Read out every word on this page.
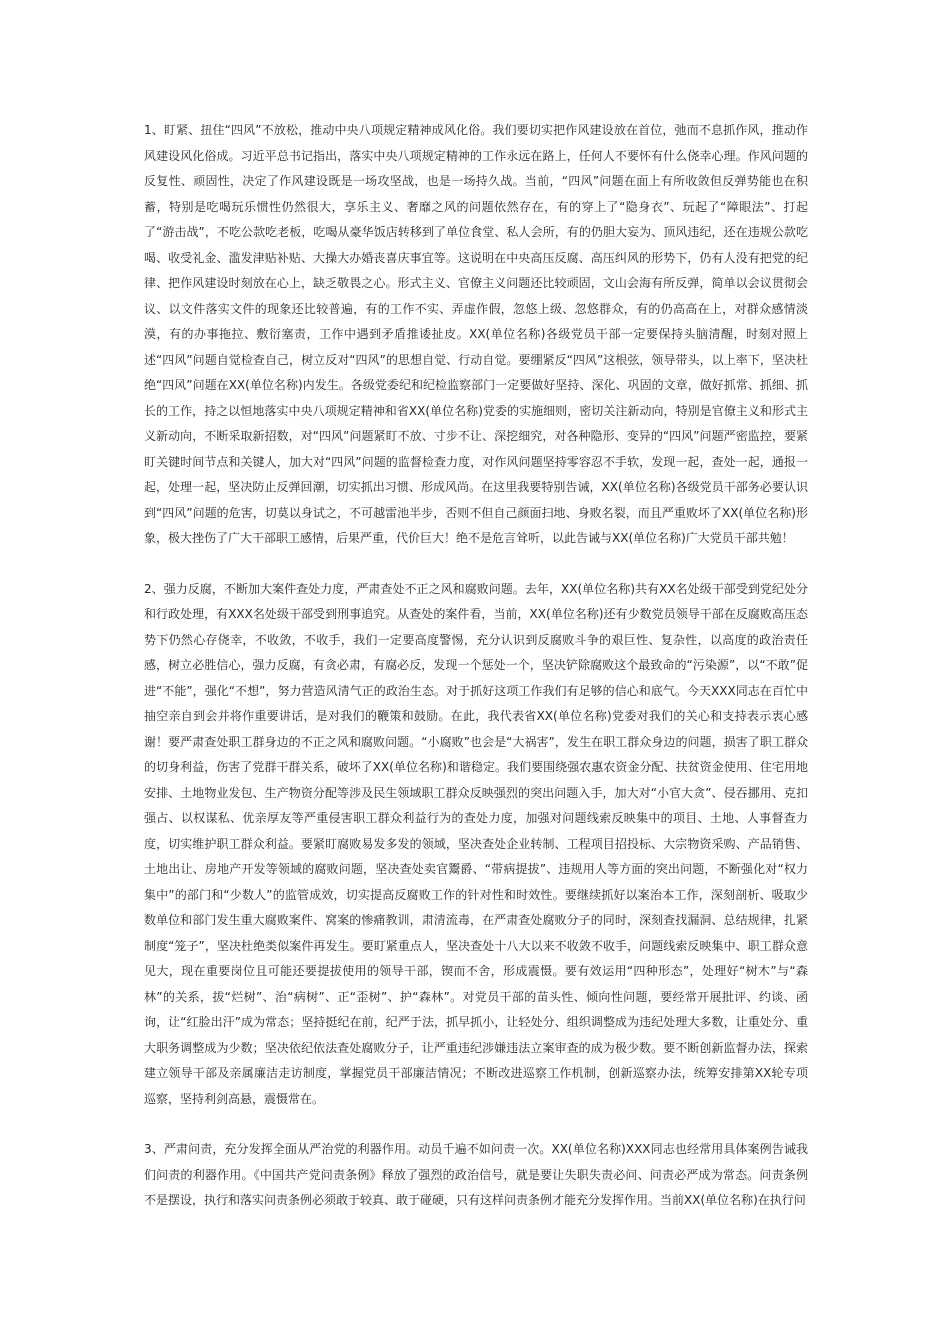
1、盯紧、扭住“四风”不放松，推动中央八项规定精神成风化俗。我们要切实把作风建设放在首位，弛而不息抓作风，推动作风建设风化俗成。习近平总书记指出，落实中央八项规定精神的工作永远在路上，任何人不要怀有什么侥幸心理。作风问题的反复性、顽固性，决定了作风建设既是一场攻坚战，也是一场持久战。当前，“四风”问题在面上有所收敛但反弹势能也在积蓄，特别是吃喝玩乐惯性仍然很大，享乐主义、奢靡之风的问题依然存在，有的穿上了“隐身衣”、玩起了“障眼法”、打起了“游击战”，不吃公款吃老板，吃喝从豪华饭店转移到了单位食堂、私人会所，有的仍胆大妄为、顶风违纪，还在违规公款吃喝、收受礼金、滥发津贴补贴、大操大办婚丧喜庆事宜等。这说明在中央高压反腐、高压纠风的形势下，仍有人没有把党的纪律、把作风建设时刻放在心上，缺乏敬畏之心。形式主义、官僚主义问题还比较顽固，文山会海有所反弹，简单以会议贯彻会议、以文件落实文件的现象还比较普遍，有的工作不实、弄虚作假，忽悠上级、忽悠群众，有的仍高高在上，对群众感情淡漠，有的办事拖拉、敷衍塞责，工作中遇到矛盾推诿扯皮。XX(单位名称)各级党员干部一定要保持头脑清醒，时刻对照上述“四风”问题自觉检查自己，树立反对“四风”的思想自觉、行动自觉。要绷紧反“四风”这根弦，领导带头，以上率下，坚决杜绝“四风”问题在XX(单位名称)内发生。各级党委纪和纪检监察部门一定要做好坚持、深化、巩固的文章，做好抓常、抓细、抓长的工作，持之以恒地落实中央八项规定精神和省XX(单位名称)党委的实施细则，密切关注新动向，特别是官僚主义和形式主义新动向，不断采取新招数，对“四风”问题紧盯不放、寸步不让、深挖细究，对各种隐形、变异的“四风”问题严密监控，要紧盯关键时间节点和关键人，加大对“四风”问题的监督检查力度，对作风问题坚持零容忍不手软，发现一起，查处一起，通报一起，处理一起，坚决防止反弹回潮，切实抓出习惯、形成风尚。在这里我要特别告诫，XX(单位名称)各级党员干部务必要认识到“四风”问题的危害，切莫以身试之，不可越雷池半步，否则不但自己颜面扫地、身败名裂，而且严重败坏了XX(单位名称)形象，极大挫伤了广大干部职工感情，后果严重，代价巨大！绝不是危言耸听，以此告诫与XX(单位名称)广大党员干部共勉！

2、强力反腐，不断加大案件查处力度，严肃查处不正之风和腐败问题。去年，XX(单位名称)共有XX名处级干部受到党纪处分和行政处理，有XXX名处级干部受到刑事追究。从查处的案件看，当前，XX(单位名称)还有少数党员领导干部在反腐败高压态势下仍然心存侥幸，不收敛，不收手，我们一定要高度警惕，充分认识到反腐败斗争的艰巨性、复杂性，以高度的政治责任感，树立必胜信心，强力反腐，有贪必肃，有腐必反，发现一个惩处一个，坚决铲除腐败这个最致命的“污染源”，以“不敢”促进“不能”，强化“不想”，努力营造风清气正的政治生态。对于抓好这项工作我们有足够的信心和底气。今天XXX同志在百忙中抽空亲自到会并将作重要讲话，是对我们的鞭策和鼓励。在此，我代表省XX(单位名称)党委对我们的关心和支持表示衷心感谢！要严肃查处职工群身边的不正之风和腐败问题。“小腐败”也会是“大祸害”，发生在职工群众身边的问题，损害了职工群众的切身利益，伤害了党群干群关系，破坏了XX(单位名称)和谐稳定。我们要围绕强农惠农资金分配、扶贫资金使用、住宅用地安排、土地物业发包、生产物资分配等涉及民生领域职工群众反映强烈的突出问题入手，加大对“小官大贪”、侵吞挪用、克扣强占、以权谋私、优亲厚友等严重侵害职工群众利益行为的查处力度，加强对问题线索反映集中的项目、土地、人事督查力度，切实维护职工群众利益。要紧盯腐败易发多发的领域，坚决查处企业转制、工程项目招投标、大宗物资采购、产品销售、土地出让、房地产开发等领域的腐败问题，坚决查处卖官鬻爵、“带病提拔”、违规用人等方面的突出问题，不断强化对“权力集中”的部门和“少数人”的监管成效，切实提高反腐败工作的针对性和时效性。要继续抓好以案治本工作，深刻剖析、吸取少数单位和部门发生重大腐败案件、窝案的惨痛教训，肃清流毒，在严肃查处腐败分子的同时，深刻查找漏洞、总结规律，扎紧制度“笼子”，坚决杜绝类似案件再发生。要盯紧重点人，坚决查处十八大以来不收敛不收手，问题线索反映集中、职工群众意见大，现在重要岗位且可能还要提拔使用的领导干部，锲而不舍，形成震慑。要有效运用“四种形态”，处理好“树木”与“森林”的关系，拔“烂树”、治“病树”、正“歪树”、护“森林”。对党员干部的苗头性、倾向性问题，要经常开展批评、约谈、函询，让“红脸出汗”成为常态；坚持挺纪在前，纪严于法，抓早抓小，让轻处分、组织调整成为违纪处理大多数，让重处分、重大职务调整成为少数；坚决依纪依法查处腐败分子，让严重违纪涉嫌违法立案审查的成为极少数。要不断创新监督办法，探索建立领导干部及亲属廉洁走访制度，掌握党员干部廉洁情况；不断改进巡察工作机制，创新巡察办法，统筹安排第XX轮专项巡察，坚持利剑高悬，震慑常在。

3、严肃问责，充分发挥全面从严治党的利器作用。动员千遍不如问责一次。XX(单位名称)XXX同志也经常用具体案例告诫我们问责的利器作用。《中国共产党问责条例》释放了强烈的政治信号，就是要让失职失责必问、问责必严成为常态。问责条例不是摆设，执行和落实问责条例必须敢于较真、敢于碰硬，只有这样问责条例才能充分发挥作用。当前XX(单位名称)在执行问
